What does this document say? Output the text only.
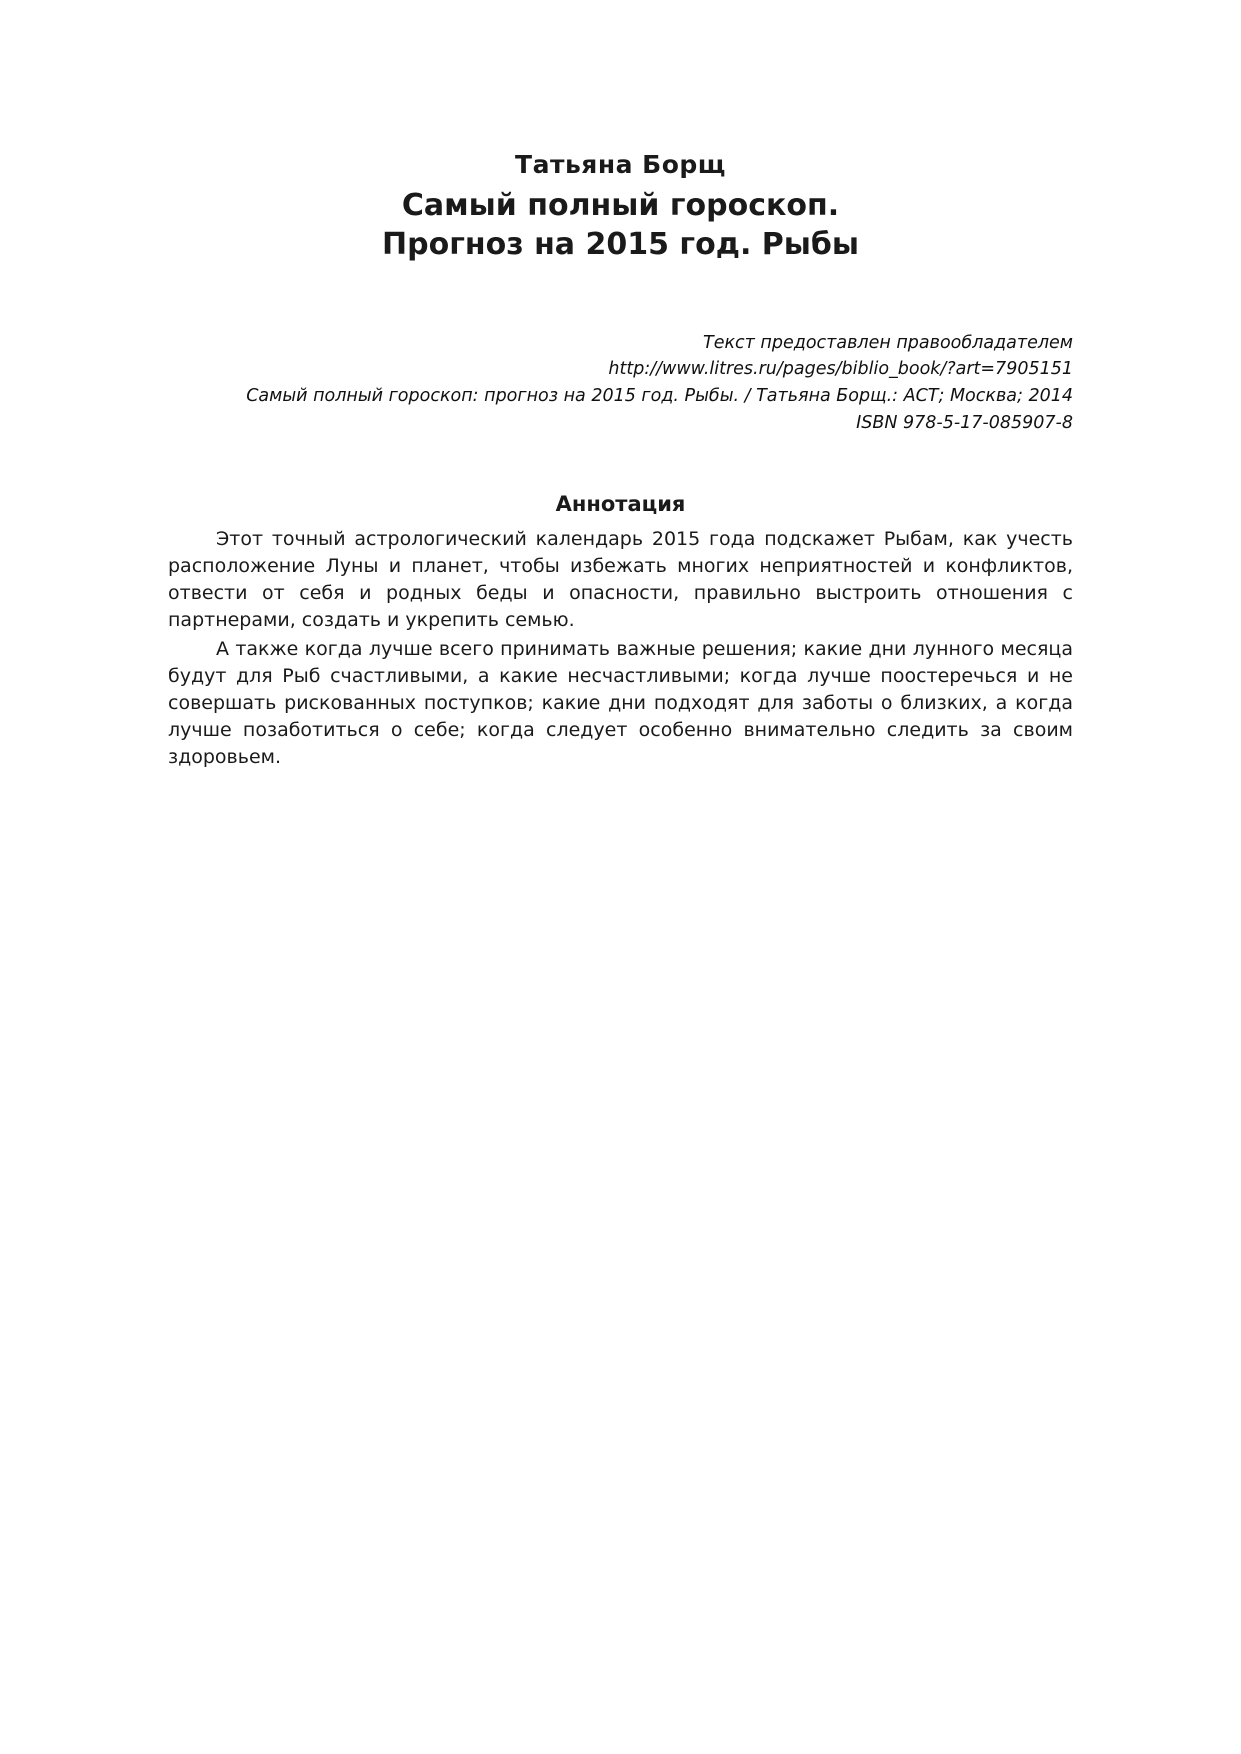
Татьяна Борщ
Самый полный гороскоп.
Прогноз на 2015 год. Рыбы
Текст предоставлен правообладателем
http://www.litres.ru/pages/biblio_book/?art=7905151
Самый полный гороскоп: прогноз на 2015 год. Рыбы. / Татьяна Борщ.: АСТ; Москва; 2014
ISBN 978-5-17-085907-8
Аннотация

Этот точный астрологический календарь 2015 года подскажет Рыбам, как учесть расположение Луны и планет, чтобы избежать многих неприятностей и конфликтов, отвести от себя и родных беды и опасности, правильно выстроить отношения с партнерами, создать и укрепить семью.

А также когда лучше всего принимать важные решения; какие дни лунного месяца будут для Рыб счастливыми, а какие несчастливыми; когда лучше поостеречься и не совершать рискованных поступков; какие дни подходят для заботы о близких, а когда лучше позаботиться о себе; когда следует особенно внимательно следить за своим здоровьем.
